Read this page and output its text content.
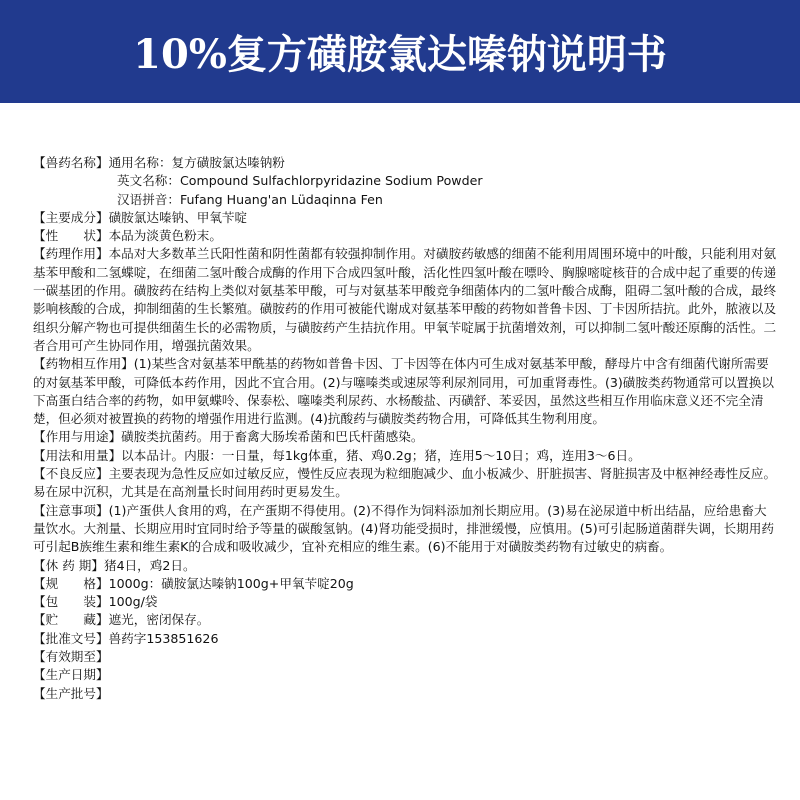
10%复方磺胺氯达嗪钠说明书
【兽药名称】 通用名称：复方磺胺氯达嗪钠粉
英文名称：Compound Sulfachlorpyridazine Sodium Powder
汉语拼音：Fufang Huang'an Lüdaqinna Fen
【主要成分】 磺胺氯达嗪钠、甲氧苄啶
【性　　状】 本品为淡黄色粉末。

【药理作用】本品对大多数革兰氏阳性菌和阴性菌都有较强抑制作用。对磺胺药敏感的细菌不能利用周围环境中的叶酸，只能利用对氨基苯甲酸和二氢蝶啶，在细菌二氢叶酸合成酶的作用下合成四氢叶酸，活化性四氢叶酸在嘌呤、胸腺嘧啶核苷的合成中起了重要的传递一碳基团的作用。磺胺药在结构上类似对氨基苯甲酸，可与对氨基苯甲酸竞争细菌体内的二氢叶酸合成酶，阻碍二氢叶酸的合成，最终影响核酸的合成，抑制细菌的生长繁殖。磺胺药的作用可被能代谢成对氨基苯甲酸的药物如普鲁卡因、丁卡因所拮抗。此外，脓液以及组织分解产物也可提供细菌生长的必需物质，与磺胺药产生拮抗作用。甲氧苄啶属于抗菌增效剂，可以抑制二氢叶酸还原酶的活性。二者合用可产生协同作用，增强抗菌效果。

【药物相互作用】(1)某些含对氨基苯甲酰基的药物如普鲁卡因、丁卡因等在体内可生成对氨基苯甲酸，酵母片中含有细菌代谢所需要的对氨基苯甲酸，可降低本药作用，因此不宜合用。(2)与噻嗪类或速尿等利尿剂同用，可加重肾毒性。(3)磺胺类药物通常可以置换以下高蛋白结合率的药物，如甲氨蝶呤、保泰松、噻嗪类利尿药、水杨酸盐、丙磺舒、苯妥因，虽然这些相互作用临床意义还不完全清楚，但必须对被置换的药物的增强作用进行监测。(4)抗酸药与磺胺类药物合用，可降低其生物利用度。

【作用与用途】磺胺类抗菌药。用于畜禽大肠埃希菌和巴氏杆菌感染。

【用法和用量】以本品计。内服：一日量，每1kg体重，猪、鸡0.2g；猪，连用5～10日；鸡，连用3～6日。

【不良反应】主要表现为急性反应如过敏反应，慢性反应表现为粒细胞减少、血小板减少、肝脏损害、肾脏损害及中枢神经毒性反应。易在尿中沉积，尤其是在高剂量长时间用药时更易发生。

【注意事项】(1)产蛋供人食用的鸡，在产蛋期不得使用。(2)不得作为饲料添加剂长期应用。(3)易在泌尿道中析出结晶，应给患畜大量饮水。大剂量、长期应用时宜同时给予等量的碳酸氢钠。(4)肾功能受损时，排泄缓慢，应慎用。(5)可引起肠道菌群失调，长期用药可引起B族维生素和维生素K的合成和吸收减少，宜补充相应的维生素。(6)不能用于对磺胺类药物有过敏史的病畜。

【休 药 期】 猪4日，鸡2日。
【规　　格】 1000g：磺胺氯达嗪钠100g+甲氧苄啶20g
【包　　装】 100g/袋
【贮　　藏】 遮光，密闭保存。
【批准文号】 兽药字153851626
【有效期至】
【生产日期】
【生产批号】
